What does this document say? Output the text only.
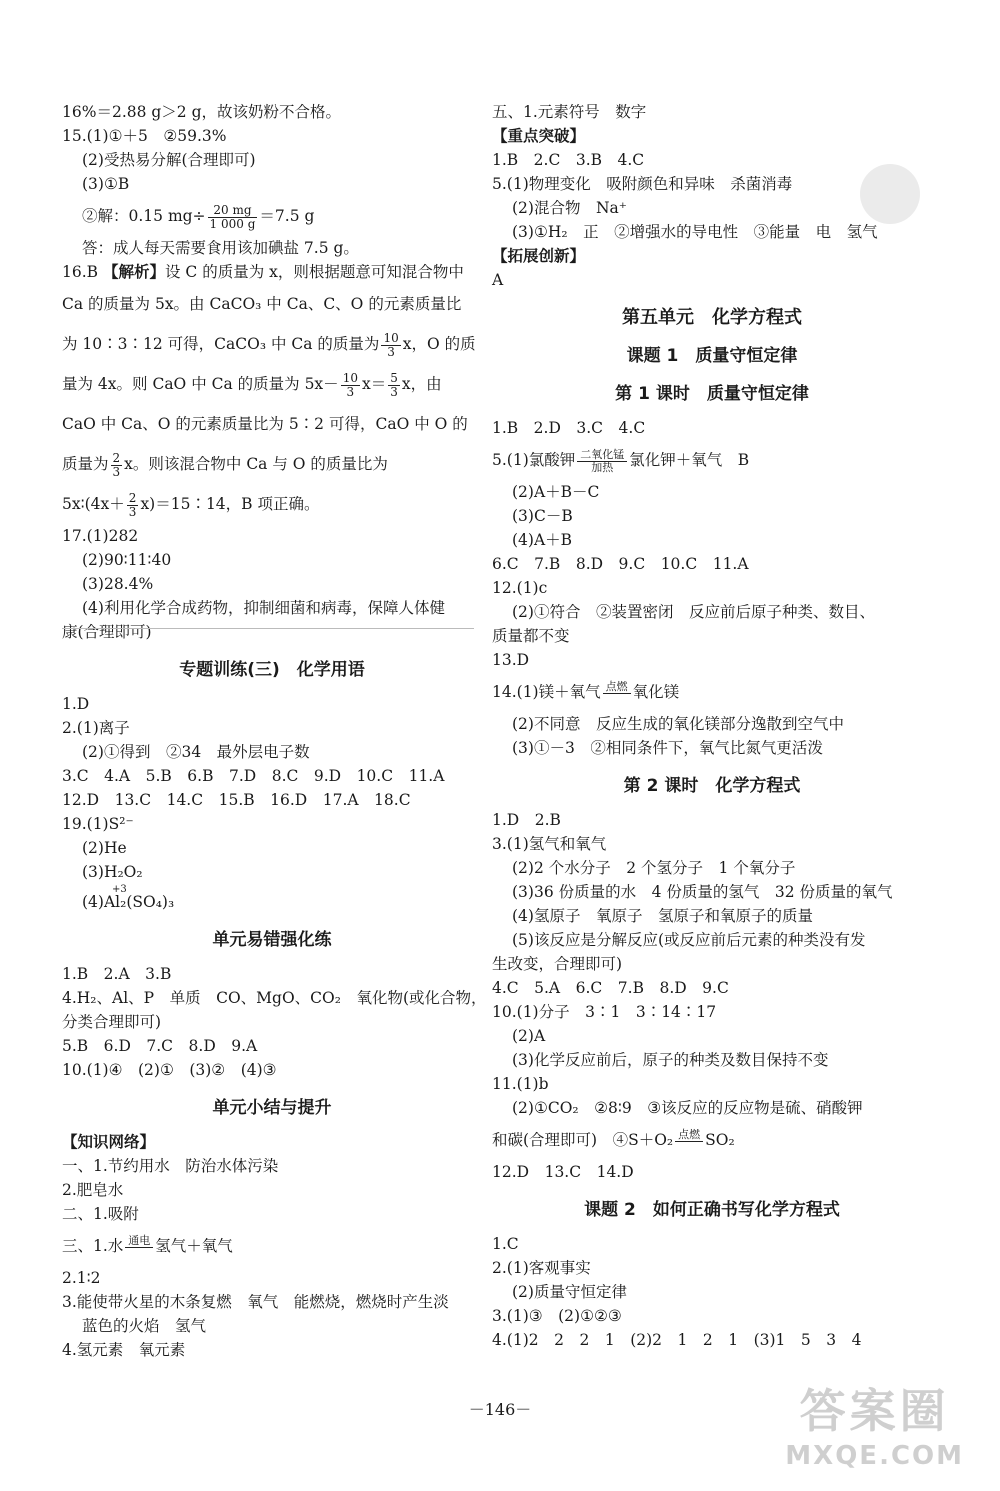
16%＝2.88 g＞2 g，故该奶粉不合格。
15.(1)①＋5　②59.3%
(2)受热易分解(合理即可)
(3)①B
②解：0.15 $mg\div \frac{20 mg}{1 000 g} =7.5$ g
答：成人每天需要食用该加碘盐 7.5 g。
16.B 【解析】设 C 的质量为 x，则根据题意可知混合物中
Ca 的质量为 5x。由 CaCO₃ 中 Ca、C、O 的元素质量比
为 10∶3∶12 可得，CaCO₃ 中 Ca 的质量为 $\frac{10}{3}$ x，O 的质
量为 4x。则 CaO 中 Ca 的质量为 $5x- \frac{10}{3} x= \frac{5}{3}$ x，由
CaO 中 Ca、O 的元素质量比为 5∶2 可得，CaO 中 O 的
质量为 $\frac{2}{3}$ x。则该混合物中 Ca 与 O 的质量比为
5x∶(4x＋ $\frac{2}{3}$ x)＝15∶14，B 项正确。
17.(1)282
(2)90∶11∶40
(3)28.4%
(4)利用化学合成药物，抑制细菌和病毒，保障人体健
康(合理即可)
专题训练(三)　化学用语
1.D
2.(1)离子
(2)①得到　②34　最外层电子数
3.C　4.A　5.B　6.B　7.D　8.C　9.D　10.C　11.A
12.D　13.C　14.C　15.B　16.D　17.A　18.C
19.(1)S²⁻
(2)He
(3)H₂O₂
+3
(4)Al₂(SO₄)₃
单元易错强化练
1.B　2.A　3.B
4.H₂、Al、P　单质　CO、MgO、CO₂　氧化物(或化合物，
分类合理即可)
5.B　6.D　7.C　8.D　9.A
10.(1)④　(2)①　(3)②　(4)③
单元小结与提升
【知识网络】
一、1.节约用水　防治水体污染
2.肥皂水
二、1.吸附
三、1.水 通电
氢气＋氧气
2.1∶2
3.能使带火星的木条复燃　氧气　能燃烧，燃烧时产生淡
蓝色的火焰　氢气
4.氢元素　氧元素
五、1.元素符号　数字
【重点突破】
1.B　2.C　3.B　4.C
5.(1)物理变化　吸附颜色和异味　杀菌消毒
(2)混合物　Na⁺
(3)①H₂　正　②增强水的导电性　③能量　电　氢气
【拓展创新】
A
第五单元　化学方程式
课题 1　质量守恒定律
第 1 课时　质量守恒定律
1.B　2.D　3.C　4.C
5.(1)氯酸钾 二氧化锰
加热	氯化钾＋氧气　B
(2)A＋B－C
(3)C－B
(4)A＋B
6.C　7.B　8.D　9.C　10.C　11.A
12.(1)c
(2)①符合　②装置密闭　反应前后原子种类、数目、
质量都不变
13.D
14.(1)镁＋氧气 点燃
氧化镁
(2)不同意　反应生成的氧化镁部分逸散到空气中
(3)①－3　②相同条件下，氧气比氮气更活泼
第 2 课时　化学方程式
1.D　2.B
3.(1)氢气和氧气
(2)2 个水分子　2 个氢分子　1 个氧分子
(3)36 份质量的水　4 份质量的氢气　32 份质量的氧气
(4)氢原子　氧原子　氢原子和氧原子的质量
(5)该反应是分解反应(或反应前后元素的种类没有发
生改变，合理即可)
4.C　5.A　6.C　7.B　8.D　9.C
10.(1)分子　3∶1　3∶14∶17
(2)A
(3)化学反应前后，原子的种类及数目保持不变
11.(1)b
(2)①CO₂　②8∶9　③该反应的反应物是硫、硝酸钾
和碳(合理即可)　④S＋O₂ 点燃
SO₂
12.D　13.C　14.D
课题 2　如何正确书写化学方程式
1.C
2.(1)客观事实
(2)质量守恒定律
3.(1)③　(2)①②③
4.(1)2　2　2　1　(2)2　1　2　1　(3)1　5　3　4
－146－	答案圈
MXQE.COM
